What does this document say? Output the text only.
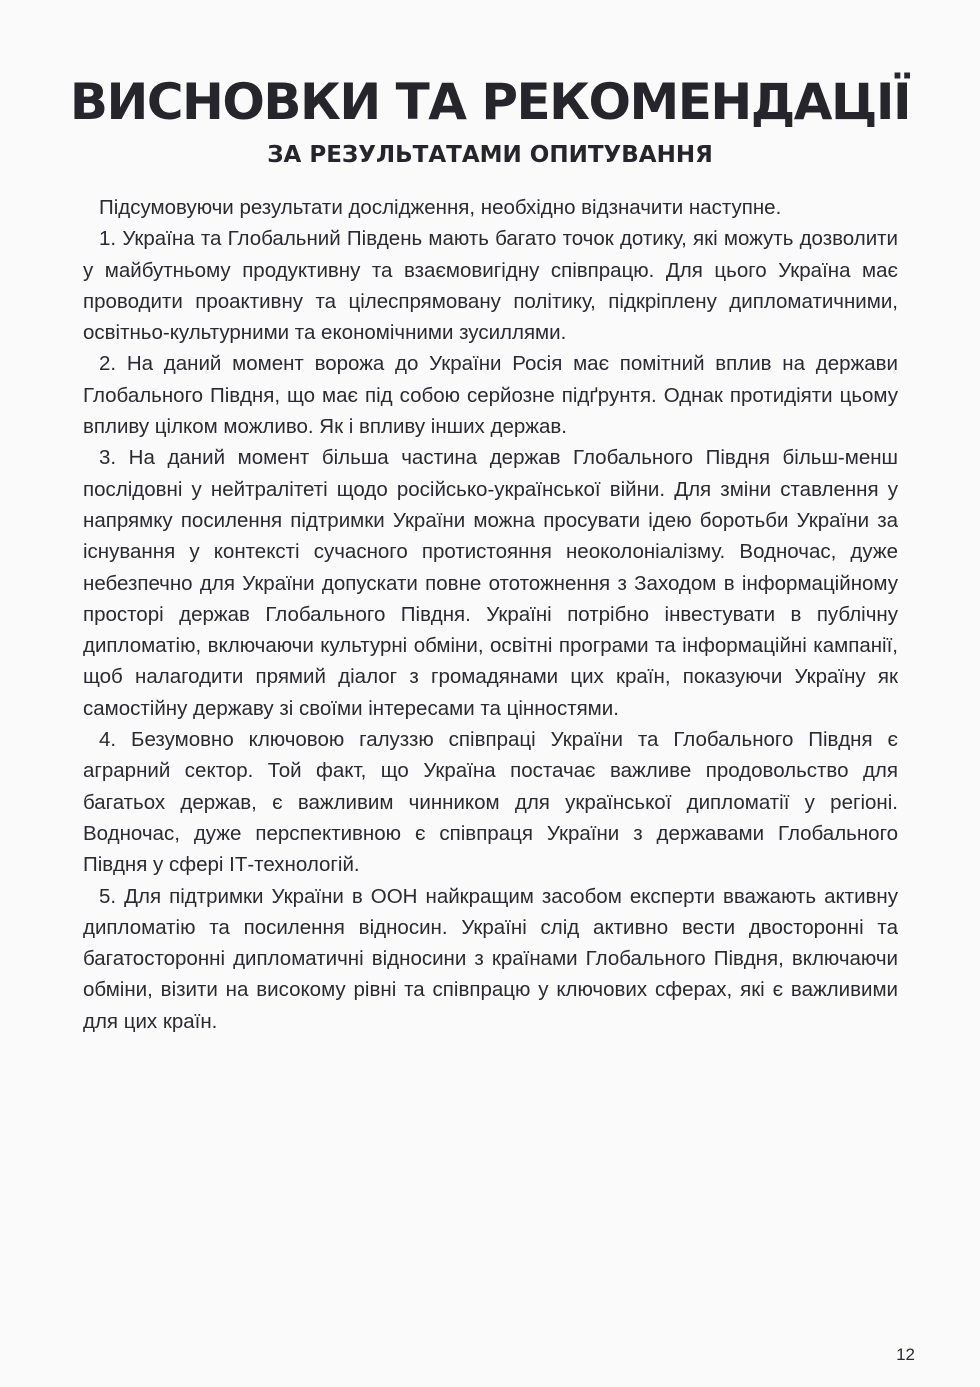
ВИСНОВКИ ТА РЕКОМЕНДАЦІЇ
ЗА РЕЗУЛЬТАТАМИ ОПИТУВАННЯ

Підсумовуючи результати дослідження, необхідно відзначити наступне.

1. Україна та Глобальний Південь мають багато точок дотику, які можуть дозволити у майбутньому продуктивну та взаємовигідну співпрацю. Для цього Україна має проводити проактивну та цілеспрямовану політику, підкріплену дипломатичними, освітньо-культурними та економічними зусиллями.

2. На даний момент ворожа до України Росія має помітний вплив на держави Глобального Півдня, що має під собою серйозне підґрунтя. Однак протидіяти цьому впливу цілком можливо. Як і впливу інших держав.

3. На даний момент більша частина держав Глобального Півдня більш-менш послідовні у нейтралітеті щодо російсько-української війни. Для зміни ставлення у напрямку посилення підтримки України можна просувати ідею боротьби України за існування у контексті сучасного протистояння неоколоніалізму. Водночас, дуже небезпечно для України допускати повне ототожнення з Заходом в інформаційному просторі держав Глобального Півдня. Україні потрібно інвестувати в публічну дипломатію, включаючи культурні обміни, освітні програми та інформаційні кампанії, щоб налагодити прямий діалог з громадянами цих країн, показуючи Україну як самостійну державу зі своїми інтересами та цінностями.

4. Безумовно ключовою галуззю співпраці України та Глобального Півдня є аграрний сектор. Той факт, що Україна постачає важливе продовольство для багатьох держав, є важливим чинником для української дипломатії у регіоні. Водночас, дуже перспективною є співпраця України з державами Глобального Півдня у сфері ІТ-технологій.

5. Для підтримки України в ООН найкращим засобом експерти вважають активну дипломатію та посилення відносин. Україні слід активно вести двосторонні та багатосторонні дипломатичні відносини з країнами Глобального Півдня, включаючи обміни, візити на високому рівні та співпрацю у ключових сферах, які є важливими для цих країн.

12
